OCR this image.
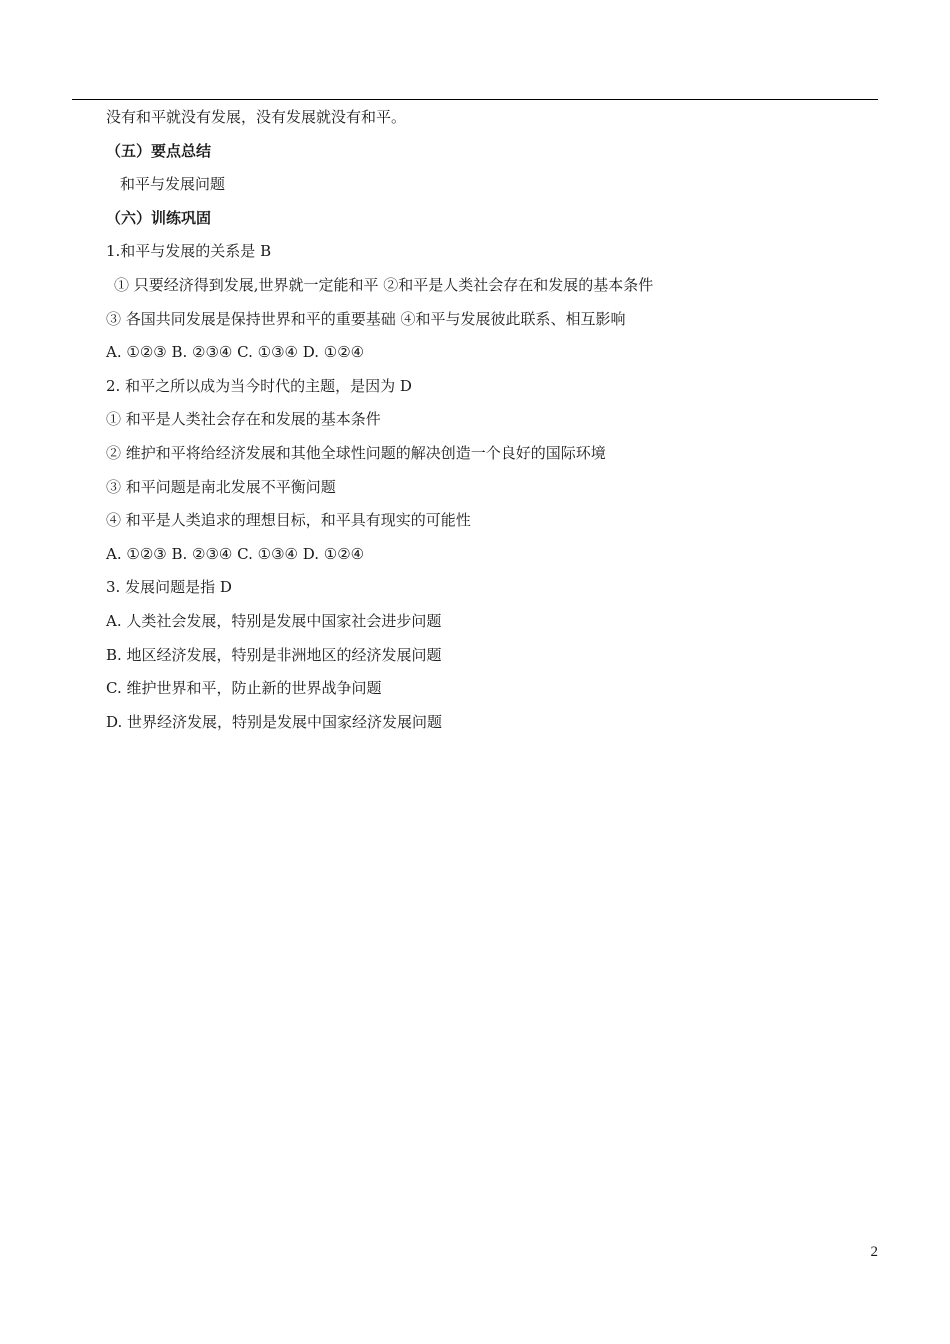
没有和平就没有发展，没有发展就没有和平。
（五）要点总结
和平与发展问题
（六）训练巩固
1.和平与发展的关系是 B
① 只要经济得到发展,世界就一定能和平 ②和平是人类社会存在和发展的基本条件
③ 各国共同发展是保持世界和平的重要基础 ④和平与发展彼此联系、相互影响
A. ①②③ B. ②③④ C. ①③④ D. ①②④
2. 和平之所以成为当今时代的主题，是因为 D
① 和平是人类社会存在和发展的基本条件
② 维护和平将给经济发展和其他全球性问题的解决创造一个良好的国际环境
③ 和平问题是南北发展不平衡问题
④ 和平是人类追求的理想目标，和平具有现实的可能性
A. ①②③ B. ②③④ C. ①③④ D. ①②④
3. 发展问题是指 D
A. 人类社会发展，特别是发展中国家社会进步问题
B. 地区经济发展，特别是非洲地区的经济发展问题
C. 维护世界和平，防止新的世界战争问题
D. 世界经济发展，特别是发展中国家经济发展问题
2
